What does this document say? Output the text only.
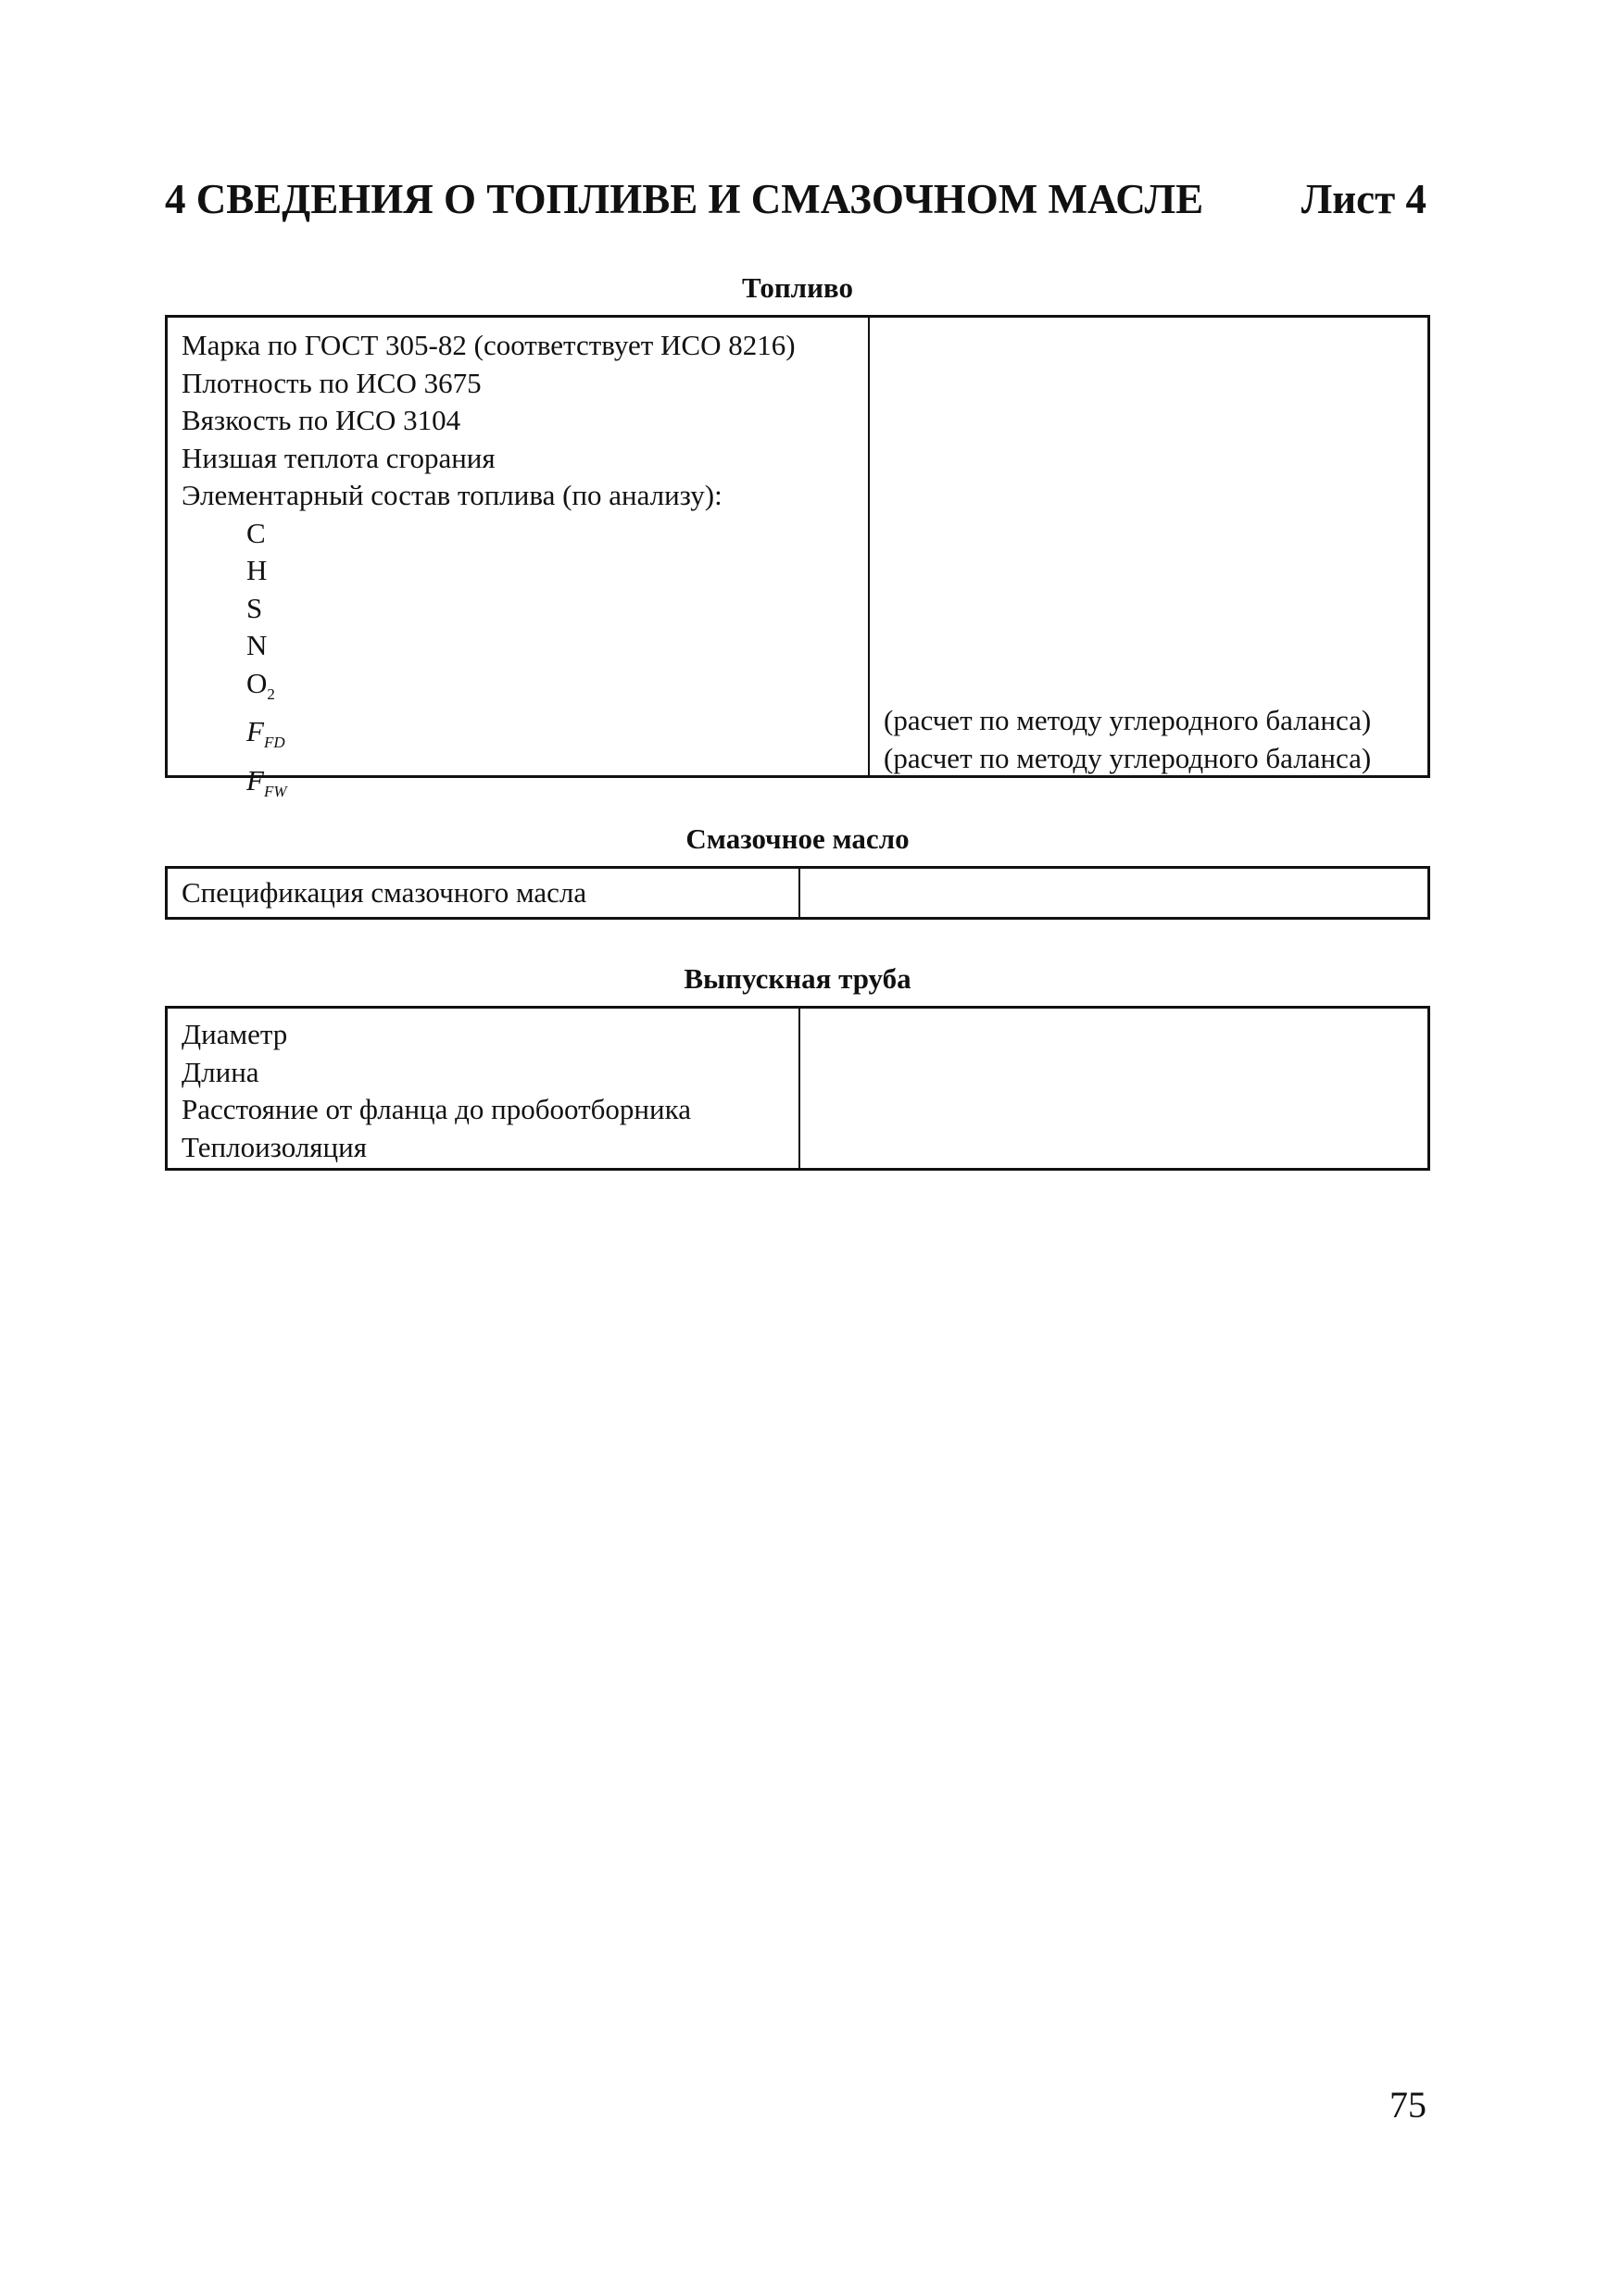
4 СВЕДЕНИЯ О ТОПЛИВЕ И СМАЗОЧНОМ МАСЛЕ Лист 4
Топливо
Марка по ГОСТ 305-82 (соответствует ИСО 8216)
Плотность по ИСО 3675
Вязкость по ИСО 3104
Низшая теплота сгорания
Элементарный состав топлива (по анализу):
C
H
S
N
$O_2$
$F_{FD}$
$F_{FW}$
(расчет по методу углеродного баланса)
(расчет по методу углеродного баланса)
Смазочное масло
Спецификация смазочного масла
Выпускная труба
Диаметр
Длина
Расстояние от фланца до пробоотборника
Теплоизоляция
75
